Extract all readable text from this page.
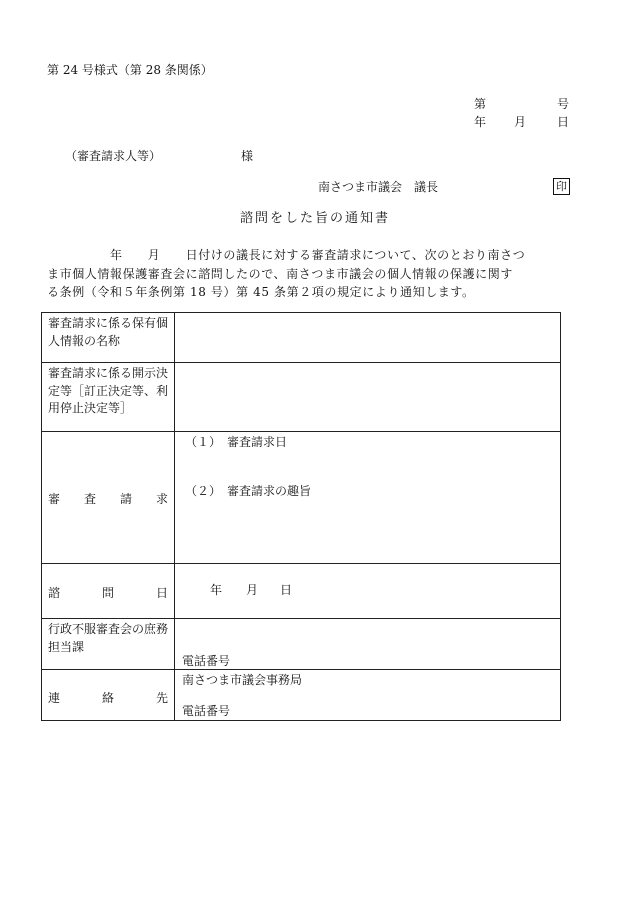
第 24 号様式（第 28 条関係）
第	号
年 月	日
（審査請求人等）	様
南さつま市議会　議長	印
諮問をした旨の通知書
　　　　　年　　月　　日付けの議長に対する審査請求について、次のとおり南さつ
ま市個人情報保護審査会に諮問したので、南さつま市議会の個人情報の保護に関す
る条例（令和５年条例第 18 号）第 45 条第２項の規定により通知します。
審査請求に係る保有個人情報の名称	
審査請求に係る開示決定等［訂正決定等、利用停止決定等］	

審 査 請 求	（１）　審査請求日
（２）　審査請求の趣旨

諮 問 日	年 月 日

行政不服審査会の庶務担当課	電話番号

連 絡 先	南さつま市議会事務局
電話番号
